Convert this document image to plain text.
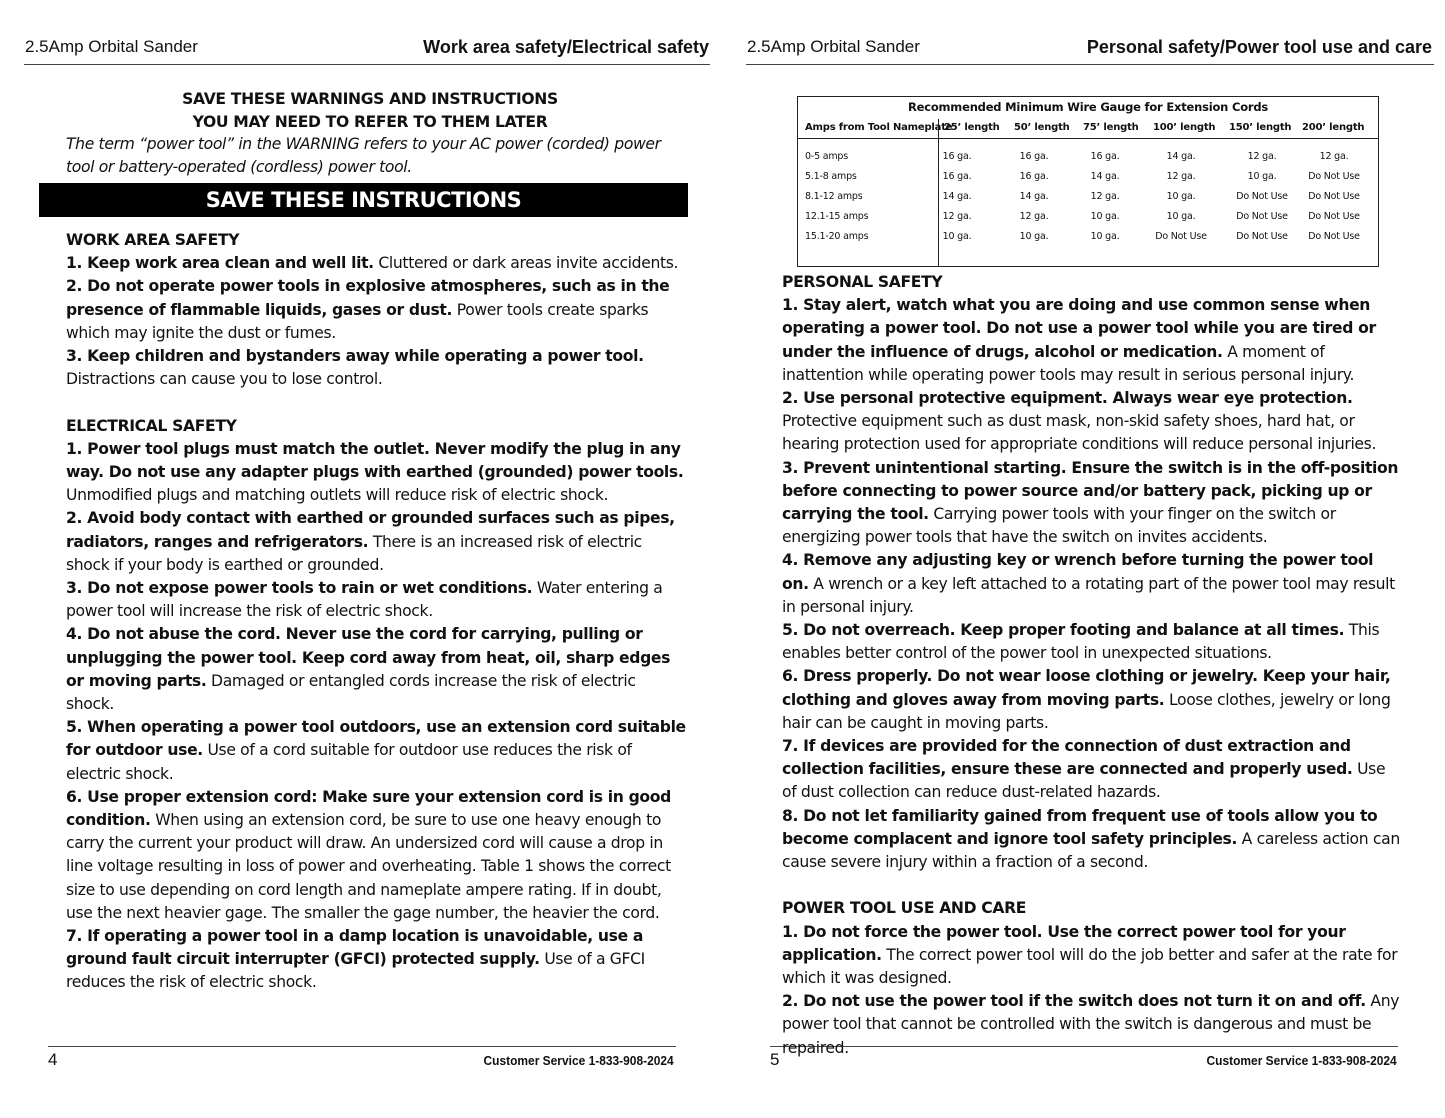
2.5Amp Orbital Sander	Work area safety/Electrical safety
SAVE THESE WARNINGS AND INSTRUCTIONS
YOU MAY NEED TO REFER TO THEM LATER
The term “power tool” in the WARNING refers to your AC power (corded) power
tool or battery-operated (cordless) power tool.
SAVE THESE INSTRUCTIONS
WORK AREA SAFETY
1. Keep work area clean and well lit. Cluttered or dark areas invite accidents.
2. Do not operate power tools in explosive atmospheres, such as in the presence of flammable liquids, gases or dust. Power tools create sparks which may ignite the dust or fumes.
3. Keep children and bystanders away while operating a power tool. Distractions can cause you to lose control.
ELECTRICAL SAFETY
1. Power tool plugs must match the outlet. Never modify the plug in any way. Do not use any adapter plugs with earthed (grounded) power tools. Unmodified plugs and matching outlets will reduce risk of electric shock.
2. Avoid body contact with earthed or grounded surfaces such as pipes, radiators, ranges and refrigerators. There is an increased risk of electric shock if your body is earthed or grounded.
3. Do not expose power tools to rain or wet conditions. Water entering a power tool will increase the risk of electric shock.
4. Do not abuse the cord. Never use the cord for carrying, pulling or unplugging the power tool. Keep cord away from heat, oil, sharp edges or moving parts. Damaged or entangled cords increase the risk of electric shock.
5. When operating a power tool outdoors, use an extension cord suitable for outdoor use. Use of a cord suitable for outdoor use reduces the risk of electric shock.
6. Use proper extension cord: Make sure your extension cord is in good condition. When using an extension cord, be sure to use one heavy enough to carry the current your product will draw. An undersized cord will cause a drop in line voltage resulting in loss of power and overheating. Table 1 shows the correct size to use depending on cord length and nameplate ampere rating. If in doubt, use the next heavier gage. The smaller the gage number, the heavier the cord.
7. If operating a power tool in a damp location is unavoidable, use a ground fault circuit interrupter (GFCI) protected supply. Use of a GFCI reduces the risk of electric shock.
4	Customer Service 1-833-908-2024
2.5Amp Orbital Sander	Personal safety/Power tool use and care
5	Customer Service 1-833-908-2024
Recommended Minimum Wire Gauge for Extension Cords
Amps from Tool Nameplate
25’ length 50’ length 75’ length 100’ length 150’ length 200’ length
0-5 amps	16 ga.	16 ga.	16 ga.	14 ga.	12 ga.	12 ga.
5.1-8 amps	16 ga.	16 ga.	14 ga.	12 ga.	10 ga.	Do Not Use
8.1-12 amps	14 ga.	14 ga.	12 ga.	10 ga.	Do Not Use Do Not Use
12.1-15 amps	12 ga.	12 ga.	10 ga.	10 ga.	Do Not Use Do Not Use
15.1-20 amps	10 ga.	10 ga.	10 ga.	Do Not Use	Do Not Use Do Not Use
PERSONAL SAFETY
1. Stay alert, watch what you are doing and use common sense when operating a power tool. Do not use a power tool while you are tired or under the influence of drugs, alcohol or medication. A moment of inattention while operating power tools may result in serious personal injury.
2. Use personal protective equipment. Always wear eye protection. Protective equipment such as dust mask, non-skid safety shoes, hard hat, or hearing protection used for appropriate conditions will reduce personal injuries.
3. Prevent unintentional starting. Ensure the switch is in the off-position before connecting to power source and/or battery pack, picking up or carrying the tool. Carrying power tools with your finger on the switch or energizing power tools that have the switch on invites accidents.
4. Remove any adjusting key or wrench before turning the power tool on. A wrench or a key left attached to a rotating part of the power tool may result in personal injury.
5. Do not overreach. Keep proper footing and balance at all times. This enables better control of the power tool in unexpected situations.
6. Dress properly. Do not wear loose clothing or jewelry. Keep your hair, clothing and gloves away from moving parts. Loose clothes, jewelry or long hair can be caught in moving parts.
7. If devices are provided for the connection of dust extraction and collection facilities, ensure these are connected and properly used. Use of dust collection can reduce dust-related hazards.
8. Do not let familiarity gained from frequent use of tools allow you to become complacent and ignore tool safety principles. A careless action can cause severe injury within a fraction of a second.
POWER TOOL USE AND CARE
1. Do not force the power tool. Use the correct power tool for your application. The correct power tool will do the job better and safer at the rate for which it was designed.
2. Do not use the power tool if the switch does not turn it on and off. Any power tool that cannot be controlled with the switch is dangerous and must be repaired.
